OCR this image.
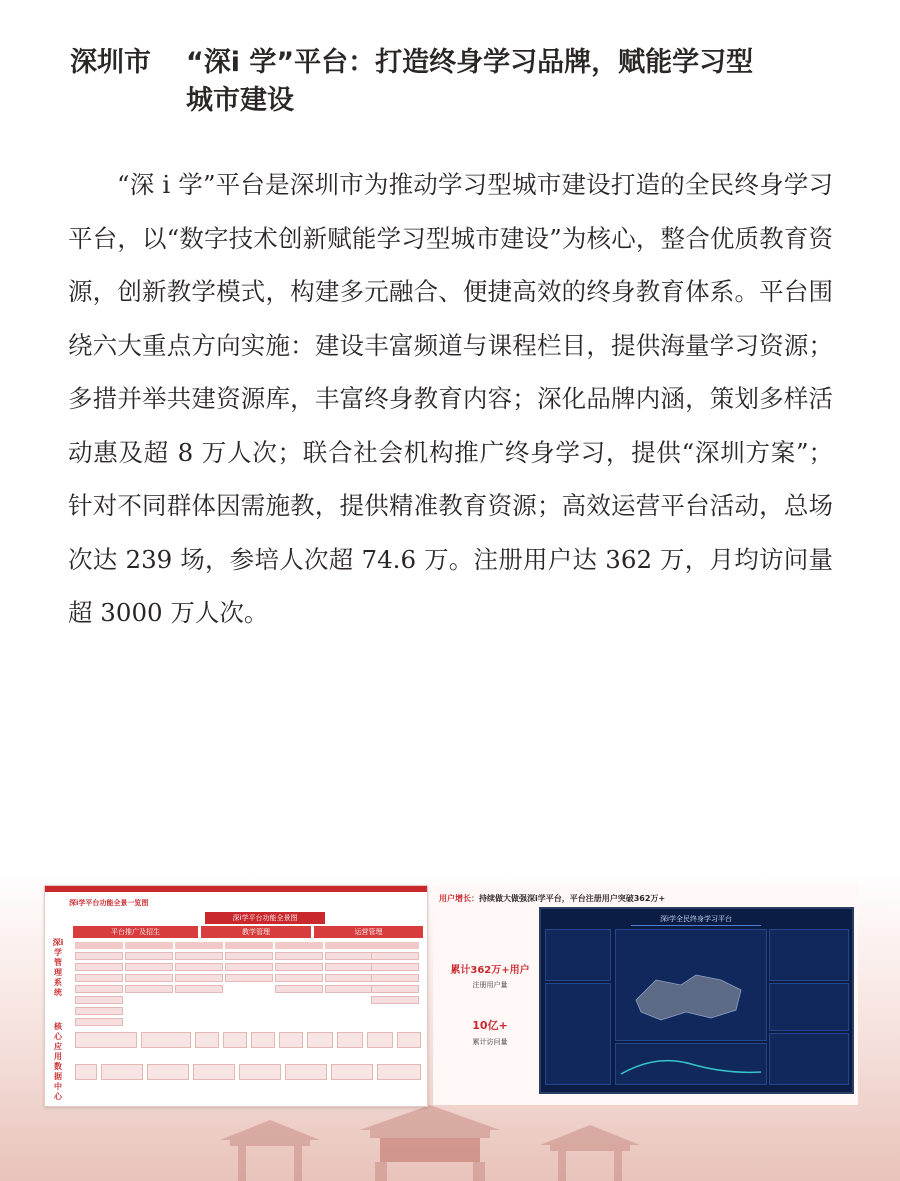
深圳市 “深i 学”平台：打造终身学习品牌，赋能学习型
城市建设

“深 i 学”平台是深圳市为推动学习型城市建设打造的全民终身学习平台，以“数字技术创新赋能学习型城市建设”为核心，整合优质教育资源，创新教学模式，构建多元融合、便捷高效的终身教育体系。平台围绕六大重点方向实施：建设丰富频道与课程栏目，提供海量学习资源；多措并举共建资源库，丰富终身教育内容；深化品牌内涵，策划多样活动惠及超 8 万人次；联合社会机构推广终身学习，提供“深圳方案”；针对不同群体因需施教，提供精准教育资源；高效运营平台活动，总场次达 239 场，参培人次超 74.6 万。注册用户达 362 万，月均访问量超 3000 万人次。

深i学平台功能全景一览图
深i学平台功能全景图
平台推广及招生	教学管理	运营管理
深i学管理系统
核心应用数据中心
用户增长：持续做大做强深i学平台，平台注册用户突破362万+
累计362万+用户
注册用户量
10亿+
累计访问量
深i学全民终身学习平台
